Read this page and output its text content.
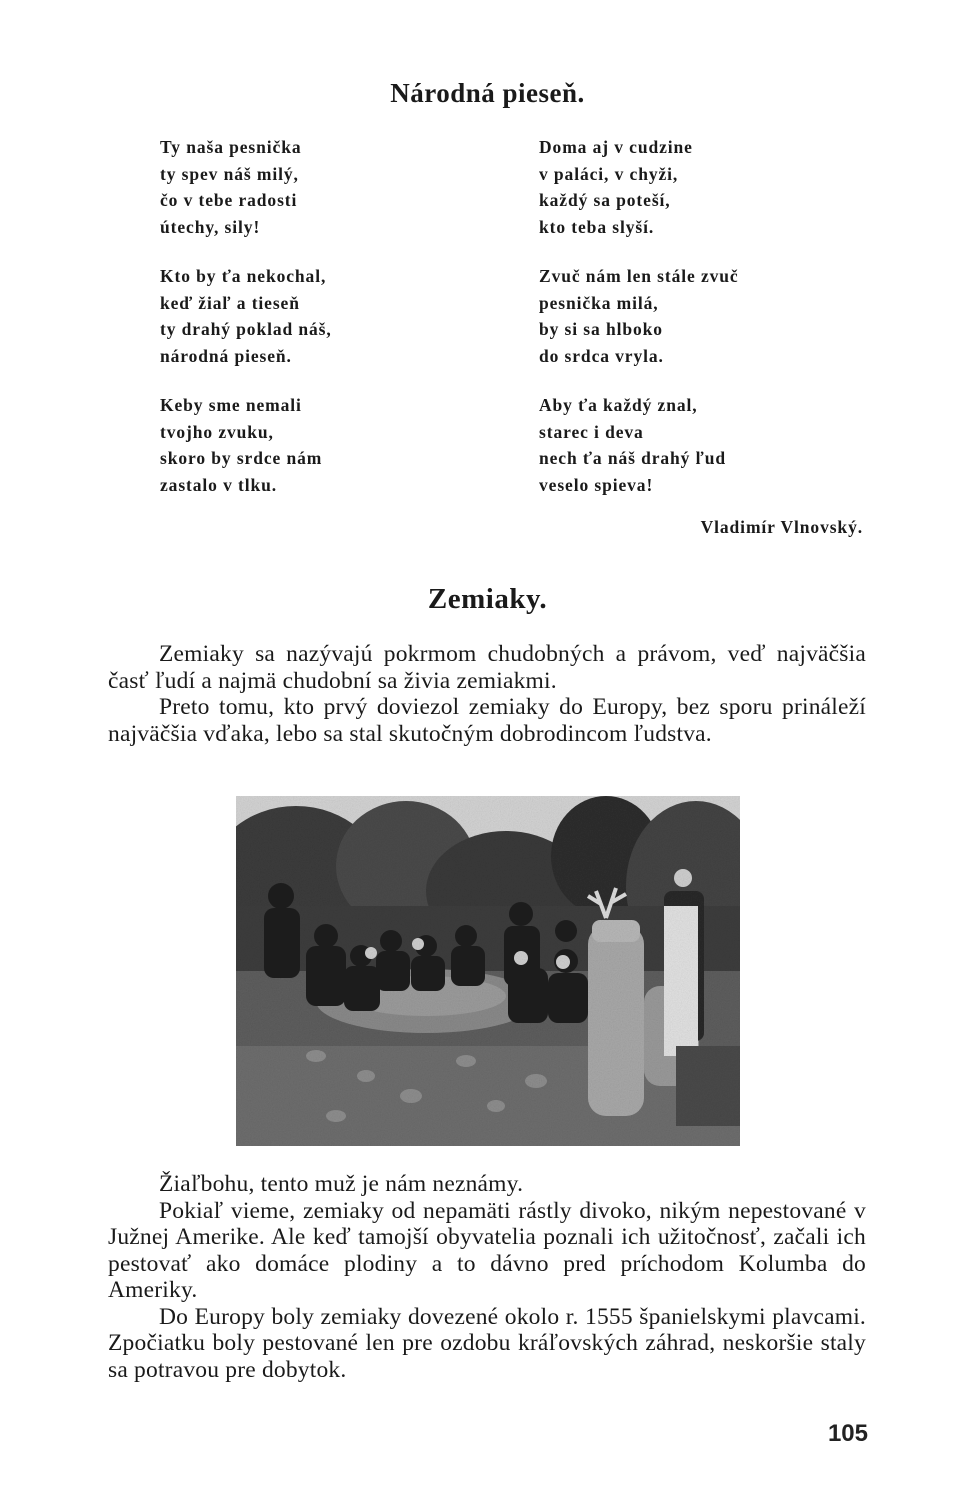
Národná pieseň.
Ty naša pesnička
ty spev náš milý,
čo v tebe radosti
útechy, sily!
Kto by ťa nekochal,
keď žiaľ a tieseň
ty drahý poklad náš,
národná pieseň.
Keby sme nemali
tvojho zvuku,
skoro by srdce nám
zastalo v tlku.
Doma aj v cudzine
v paláci, v chyži,
každý sa poteší,
kto teba slyší.
Zvuč nám len stále zvuč
pesnička milá,
by si sa hlboko
do srdca vryla.
Aby ťa každý znal,
starec i deva
nech ťa náš drahý ľud
veselo spieva!
Vladimír Vlnovský.
Zemiaky.

Zemiaky sa nazývajú pokrmom chudobných a právom, veď najväčšia časť ľudí a najmä chudobní sa živia zemiakmi.

Preto tomu, kto prvý doviezol zemiaky do Europy, bez sporu prináleží najväčšia vďaka, lebo sa stal skutočným dobrodincom ľudstva.

Žiaľbohu, tento muž je nám neznámy.

Pokiaľ vieme, zemiaky od nepamäti rástly divoko, nikým nepestované v Južnej Amerike. Ale keď tamojší obyvatelia poznali ich užitočnosť, začali ich pestovať ako domáce plodiny a to dávno pred príchodom Kolumba do Ameriky.

Do Europy boly zemiaky dovezené okolo r. 1555 španielskymi plavcami. Zpočiatku boly pestované len pre ozdobu kráľovských záhrad, neskoršie staly sa potravou pre dobytok.

105
